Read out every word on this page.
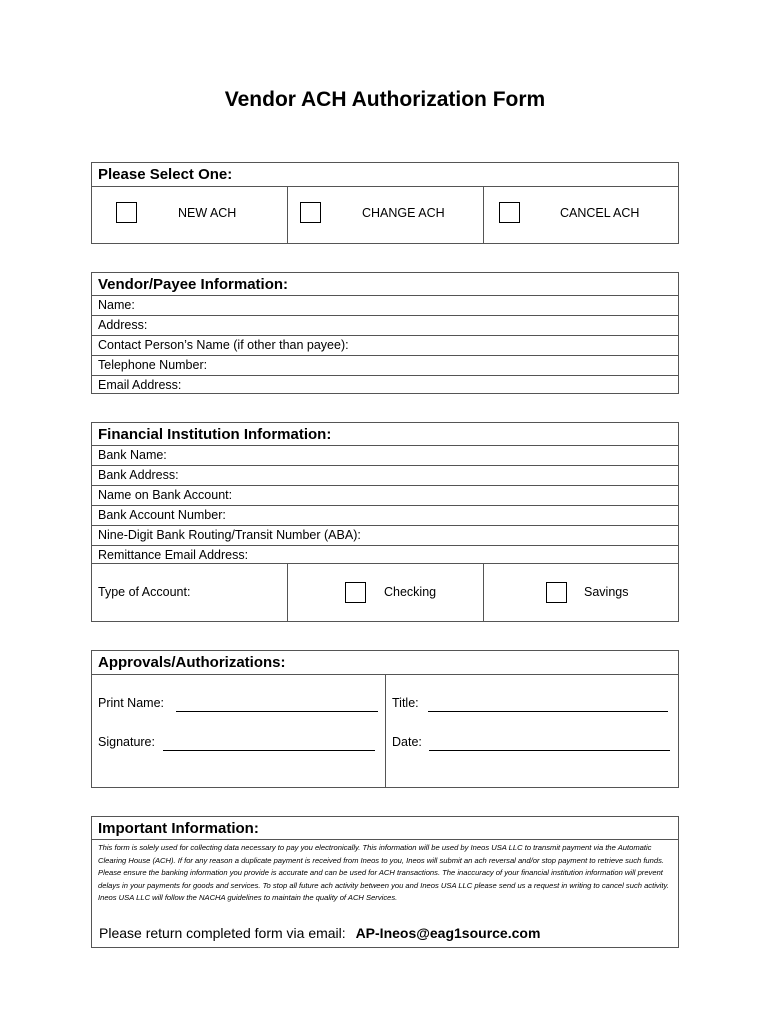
Vendor ACH Authorization Form
Please Select One:
NEW ACH	CHANGE ACH	CANCEL ACH
Vendor/Payee Information:
Name:
Address:
Contact Person’s Name (if other than payee):
Telephone Number:
Email Address:
Financial Institution Information:
Bank Name:
Bank Address:
Name on Bank Account:
Bank Account Number:
Nine-Digit Bank Routing/Transit Number (ABA):
Remittance Email Address:
Type of Account:	Checking	Savings
Approvals/Authorizations:
Print Name:	Title:
Signature:	Date:
Important Information:
This form is solely used for collecting data necessary to pay you electronically. This information will be used by Ineos USA LLC to transmit payment via the Automatic Clearing House (ACH). If for any reason a duplicate payment is received from Ineos to you, Ineos will submit an ach reversal and/or stop payment to retrieve such funds. Please ensure the banking information you provide is accurate and can be used for ACH transactions. The inaccuracy of your financial institution information will prevent delays in your payments for goods and services. To stop all future ach activity between you and Ineos USA LLC please send us a request in writing to cancel such activity. Ineos USA LLC will follow the NACHA guidelines to maintain the quality of ACH Services.
Please return completed form via email: AP-Ineos@eag1source.com
